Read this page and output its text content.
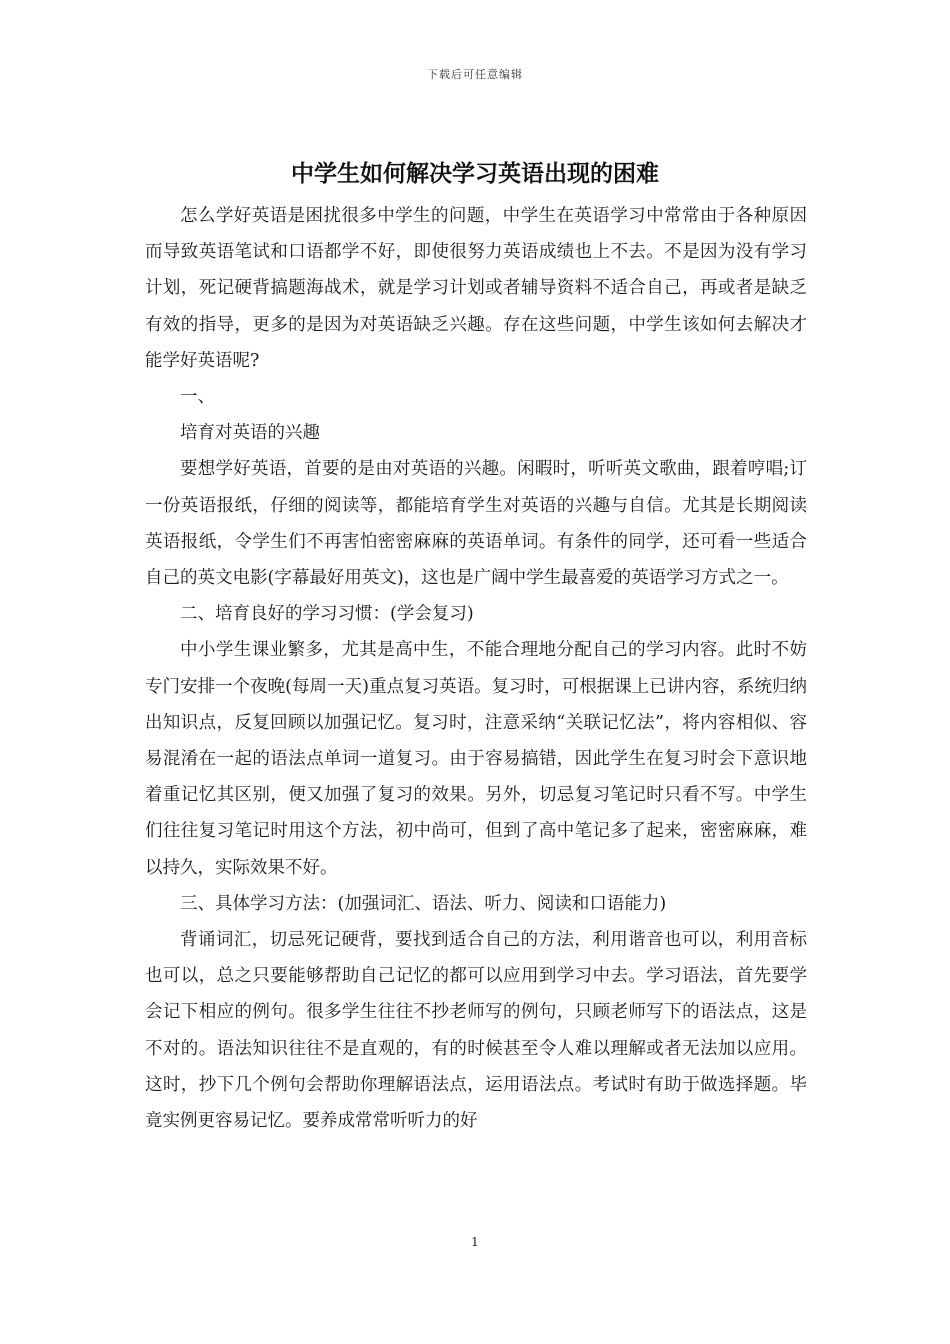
下载后可任意编辑
中学生如何解决学习英语出现的困难

怎么学好英语是困扰很多中学生的问题，中学生在英语学习中常常由于各种原因而导致英语笔试和口语都学不好，即使很努力英语成绩也上不去。不是因为没有学习计划，死记硬背搞题海战术，就是学习计划或者辅导资料不适合自己，再或者是缺乏有效的指导，更多的是因为对英语缺乏兴趣。存在这些问题，中学生该如何去解决才能学好英语呢?

一、

培育对英语的兴趣

要想学好英语，首要的是由对英语的兴趣。闲暇时，听听英文歌曲，跟着哼唱;订一份英语报纸，仔细的阅读等，都能培育学生对英语的兴趣与自信。尤其是长期阅读英语报纸，令学生们不再害怕密密麻麻的英语单词。有条件的同学，还可看一些适合自己的英文电影(字幕最好用英文)，这也是广阔中学生最喜爱的英语学习方式之一。

二、培育良好的学习习惯：(学会复习)

中小学生课业繁多，尤其是高中生，不能合理地分配自己的学习内容。此时不妨专门安排一个夜晚(每周一天)重点复习英语。复习时，可根据课上已讲内容，系统归纳出知识点，反复回顾以加强记忆。复习时，注意采纳“关联记忆法”，将内容相似、容易混淆在一起的语法点单词一道复习。由于容易搞错，因此学生在复习时会下意识地着重记忆其区别，便又加强了复习的效果。另外，切忌复习笔记时只看不写。中学生们往往复习笔记时用这个方法，初中尚可，但到了高中笔记多了起来，密密麻麻，难以持久，实际效果不好。

三、具体学习方法：(加强词汇、语法、听力、阅读和口语能力)

背诵词汇，切忌死记硬背，要找到适合自己的方法，利用谐音也可以，利用音标也可以，总之只要能够帮助自己记忆的都可以应用到学习中去。学习语法，首先要学会记下相应的例句。很多学生往往不抄老师写的例句，只顾老师写下的语法点，这是不对的。语法知识往往不是直观的，有的时候甚至令人难以理解或者无法加以应用。这时，抄下几个例句会帮助你理解语法点，运用语法点。考试时有助于做选择题。毕竟实例更容易记忆。要养成常常听听力的好

1
